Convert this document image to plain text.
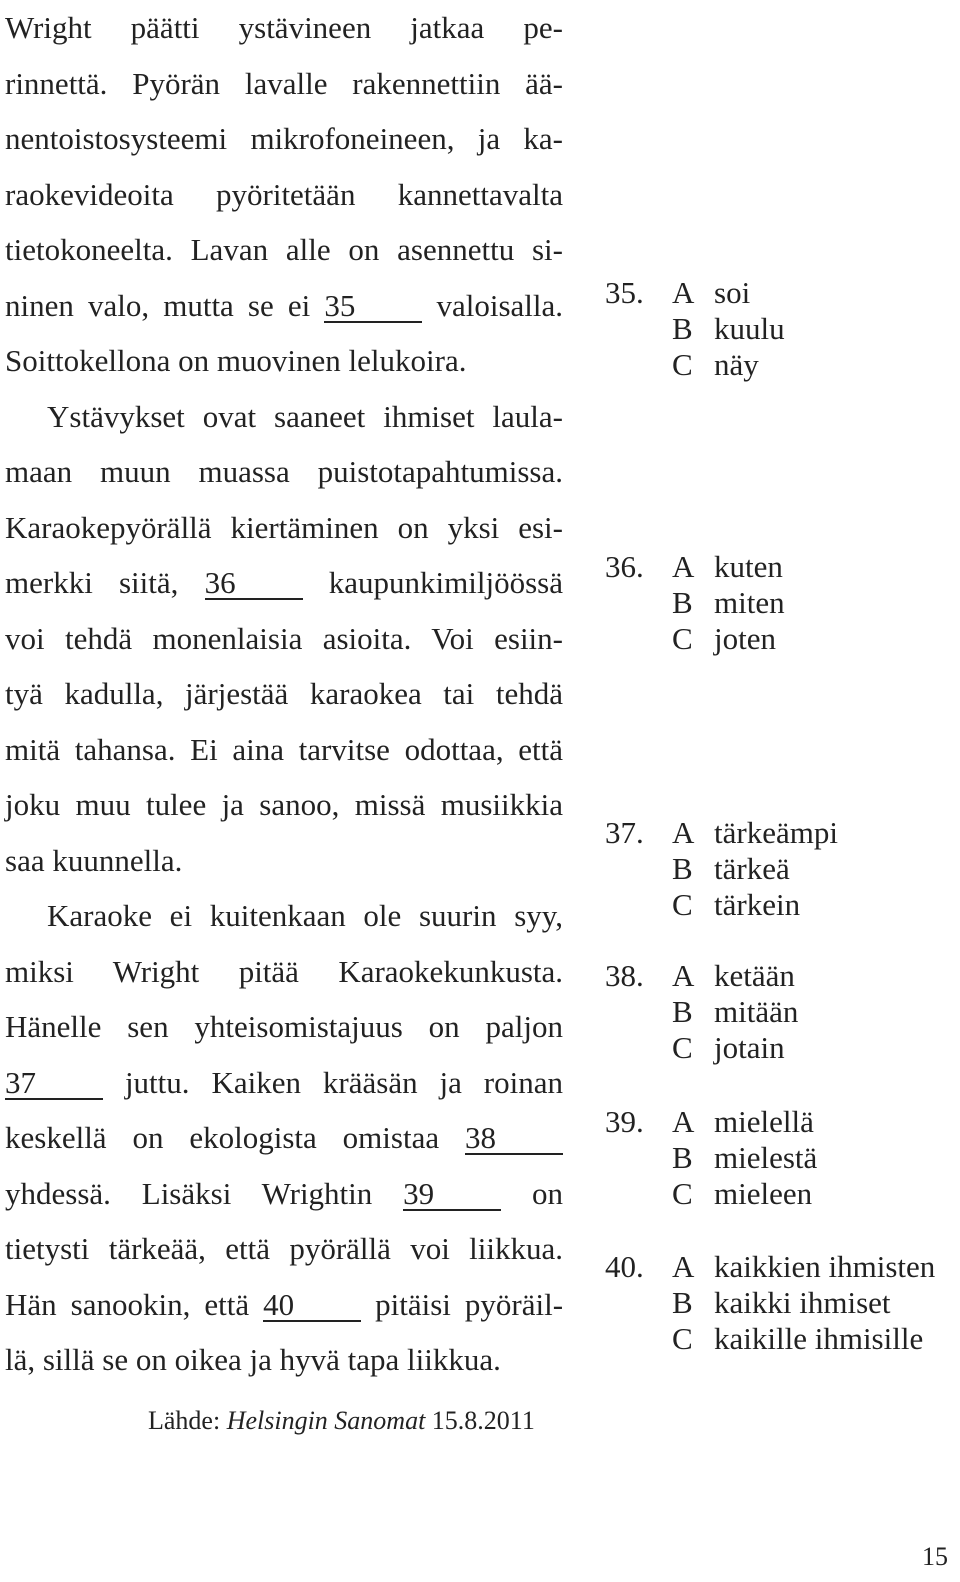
Wright päätti ystävineen jatkaa pe-
rinnettä. Pyörän lavalle rakennettiin ää-
nentoistosysteemi mikrofoneineen, ja ka-
raokevideoita pyöritetään kannettavalta
tietokoneelta. Lavan alle on asennettu si-
ninen valo, mutta se ei 35	valoisalla.
Soittokellona on muovinen lelukoira.
Ystävykset ovat saaneet ihmiset laula-
maan muun muassa puistotapahtumissa.
Karaokepyörällä kiertäminen on yksi esi-
merkki siitä, 36	kaupunkimiljöössä
voi tehdä monenlaisia asioita. Voi esiin-
tyä kadulla, järjestää karaokea tai tehdä
mitä tahansa. Ei aina tarvitse odottaa, että
joku muu tulee ja sanoo, missä musiikkia
saa kuunnella.
Karaoke ei kuitenkaan ole suurin syy,
miksi Wright pitää Karaokekunkusta.
Hänelle sen yhteisomistajuus on paljon
37	juttu. Kaiken krääsän ja roinan
keskellä on ekologista omistaa 38
yhdessä. Lisäksi Wrightin 39	on
tietysti tärkeää, että pyörällä voi liikkua.
Hän sanookin, että 40	pitäisi pyöräil-
lä, sillä se on oikea ja hyvä tapa liikkua.
35. A soi
B kuulu
C näy
36. A kuten
B miten
C joten
37. A tärkeämpi
B tärkeä
C tärkein
38. A ketään
B mitään
C jotain
39. A mielellä
B mielestä
C mieleen
40. A kaikkien ihmisten
B kaikki ihmiset
C kaikille ihmisille
Lähde: Helsingin Sanomat 15.8.2011
15
